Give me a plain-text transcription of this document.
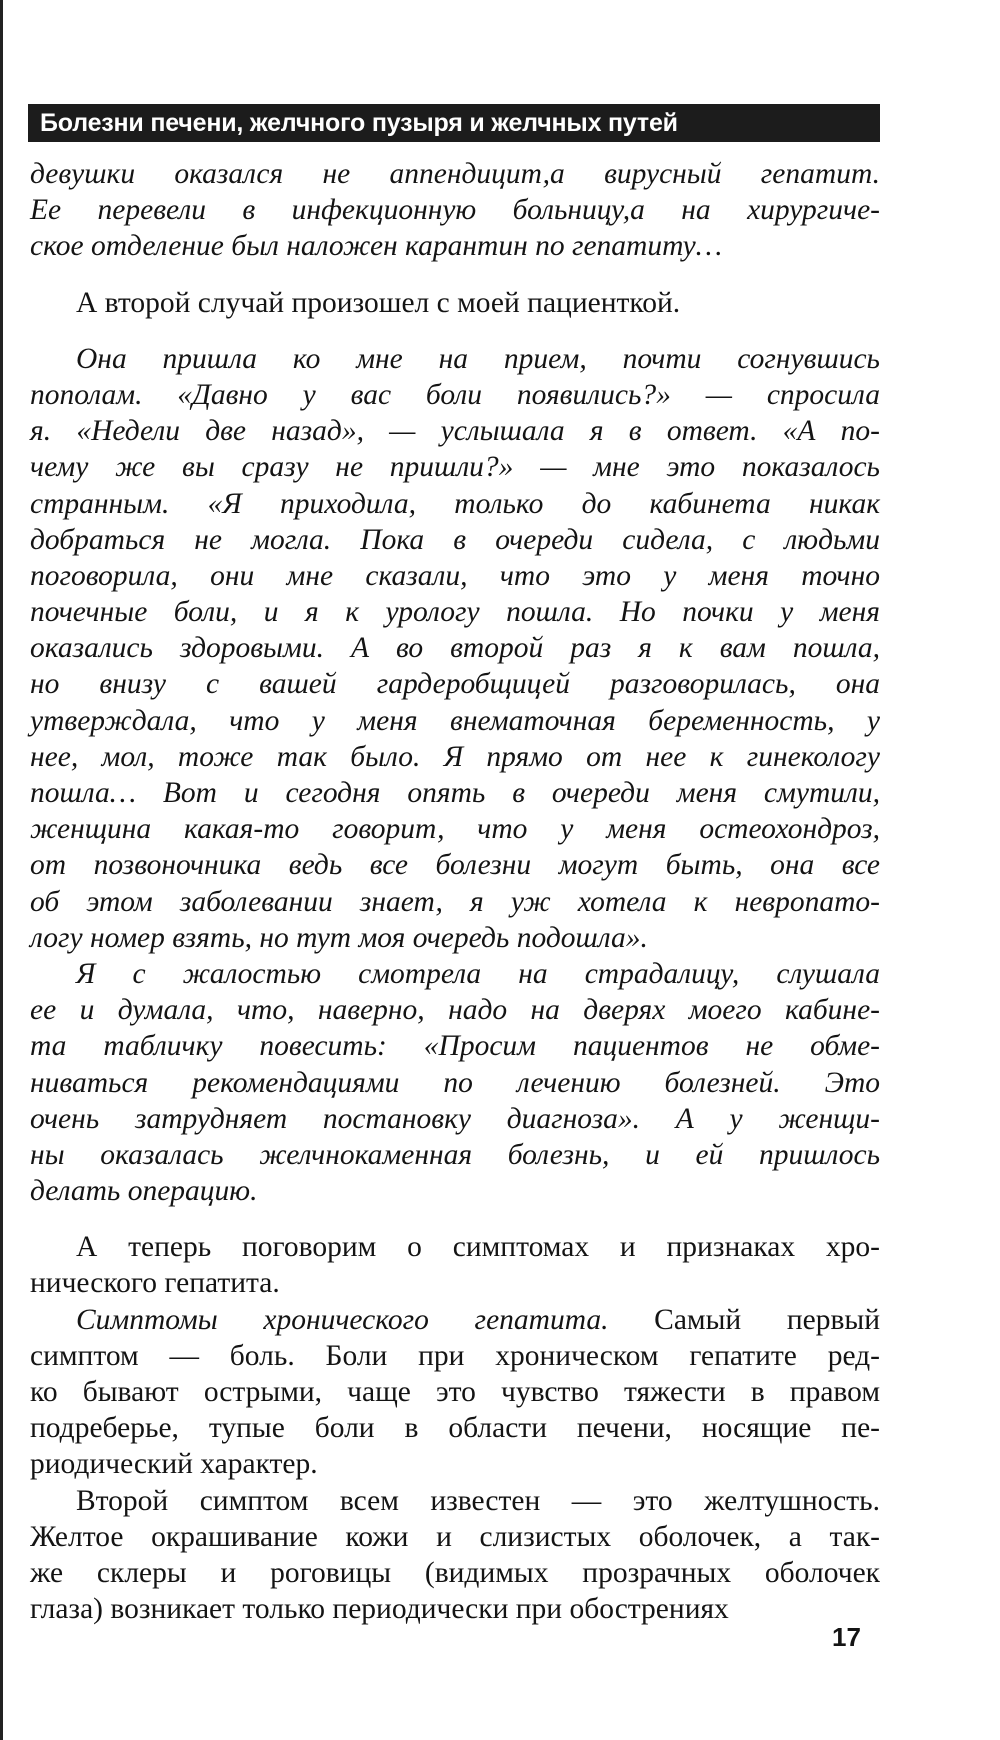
Болезни печени, желчного пузыря и желчных путей
девушки оказался не аппендицит,а вирусный гепатит.
Ее перевели в инфекционную больницу,а на хирургиче-
ское отделение был наложен карантин по гепатиту…
А второй случай произошел с моей пациенткой.
Она пришла ко мне на прием, почти согнувшись
пополам. «Давно у вас боли появились?» — спросила
я. «Недели две назад», — услышала я в ответ. «А по-
чему же вы сразу не пришли?» — мне это показалось
странным. «Я приходила, только до кабинета никак
добраться не могла. Пока в очереди сидела, с людьми
поговорила, они мне сказали, что это у меня точно
почечные боли, и я к урологу пошла. Но почки у меня
оказались здоровыми. А во второй раз я к вам пошла,
но внизу с вашей гардеробщицей разговорилась, она
утверждала, что у меня внематочная беременность, у
нее, мол, тоже так было. Я прямо от нее к гинекологу
пошла… Вот и сегодня опять в очереди меня смутили,
женщина какая-то говорит, что у меня остеохондроз,
от позвоночника ведь все болезни могут быть, она все
об этом заболевании знает, я уж хотела к невропато-
логу номер взять, но тут моя очередь подошла».
Я с жалостью смотрела на страдалицу, слушала
ее и думала, что, наверно, надо на дверях моего кабине-
та табличку повесить: «Просим пациентов не обме-
ниваться рекомендациями по лечению болезней. Это
очень затрудняет постановку диагноза». А у женщи-
ны оказалась желчнокаменная болезнь, и ей пришлось
делать операцию.
А теперь поговорим о симптомах и признаках хро-
нического гепатита.
Симптомы хронического гепатита. Самый первый
симптом — боль. Боли при хроническом гепатите ред-
ко бывают острыми, чаще это чувство тяжести в правом
подреберье, тупые боли в области печени, носящие пе-
риодический характер.
Второй симптом всем известен — это желтушность.
Желтое окрашивание кожи и слизистых оболочек, а так-
же склеры и роговицы (видимых прозрачных оболочек
глаза) возникает только периодически при обострениях
17
